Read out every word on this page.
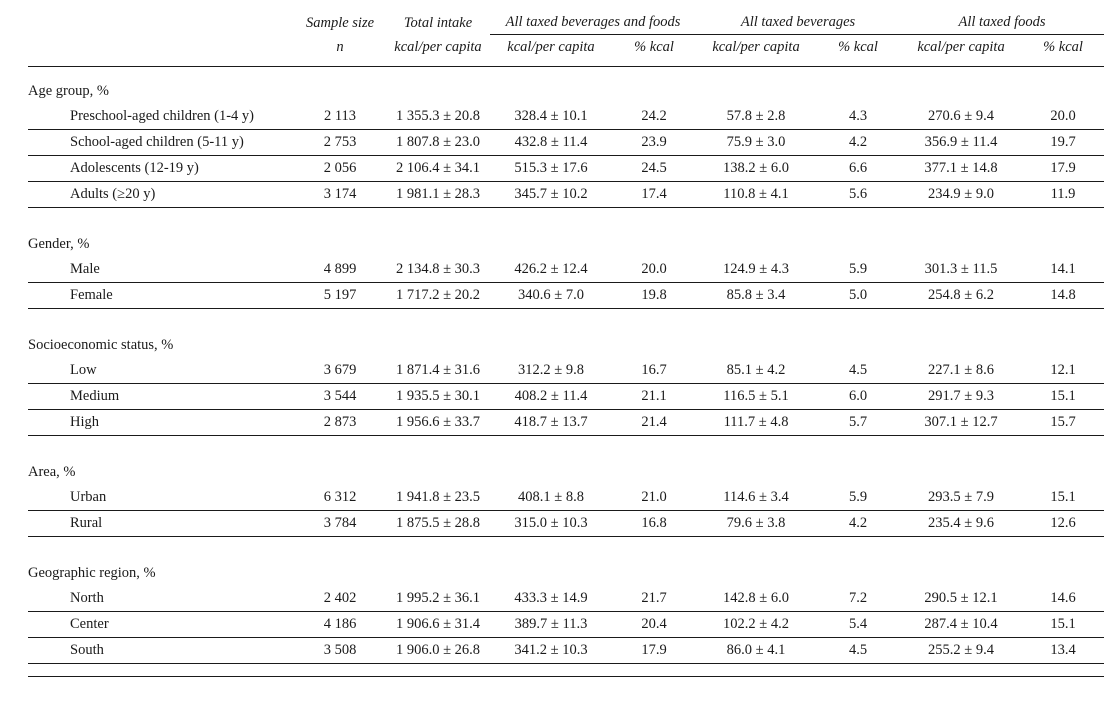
	Sample size	Total intake	All taxed beverages and foods		All taxed beverages		All taxed foods	
	n	kcal/per capita	kcal/per capita	% kcal	kcal/per capita	% kcal	kcal/per capita	% kcal

Age group, %								
Preschool-aged children (1-4 y)	2 113	1 355.3 ± 20.8	328.4 ± 10.1	24.2	57.8 ± 2.8	4.3	270.6 ± 9.4	20.0
School-aged children (5-11 y)	2 753	1 807.8 ± 23.0	432.8 ± 11.4	23.9	75.9 ± 3.0	4.2	356.9 ± 11.4	19.7
Adolescents (12-19 y)	2 056	2 106.4 ± 34.1	515.3 ± 17.6	24.5	138.2 ± 6.0	6.6	377.1 ± 14.8	17.9
Adults (≥20 y)	3 174	1 981.1 ± 28.3	345.7 ± 10.2	17.4	110.8 ± 4.1	5.6	234.9 ± 9.0	11.9

Gender, %								
Male	4 899	2 134.8 ± 30.3	426.2 ± 12.4	20.0	124.9 ± 4.3	5.9	301.3 ± 11.5	14.1
Female	5 197	1 717.2 ± 20.2	340.6 ± 7.0	19.8	85.8 ± 3.4	5.0	254.8 ± 6.2	14.8

Socioeconomic status, %								
Low	3 679	1 871.4 ± 31.6	312.2 ± 9.8	16.7	85.1 ± 4.2	4.5	227.1 ± 8.6	12.1
Medium	3 544	1 935.5 ± 30.1	408.2 ± 11.4	21.1	116.5 ± 5.1	6.0	291.7 ± 9.3	15.1
High	2 873	1 956.6 ± 33.7	418.7 ± 13.7	21.4	111.7 ± 4.8	5.7	307.1 ± 12.7	15.7

Area, %								
Urban	6 312	1 941.8 ± 23.5	408.1 ± 8.8	21.0	114.6 ± 3.4	5.9	293.5 ± 7.9	15.1
Rural	3 784	1 875.5 ± 28.8	315.0 ± 10.3	16.8	79.6 ± 3.8	4.2	235.4 ± 9.6	12.6

Geographic region, %								
North	2 402	1 995.2 ± 36.1	433.3 ± 14.9	21.7	142.8 ± 6.0	7.2	290.5 ± 12.1	14.6
Center	4 186	1 906.6 ± 31.4	389.7 ± 11.3	20.4	102.2 ± 4.2	5.4	287.4 ± 10.4	15.1
South	3 508	1 906.0 ± 26.8	341.2 ± 10.3	17.9	86.0 ± 4.1	4.5	255.2 ± 9.4	13.4
